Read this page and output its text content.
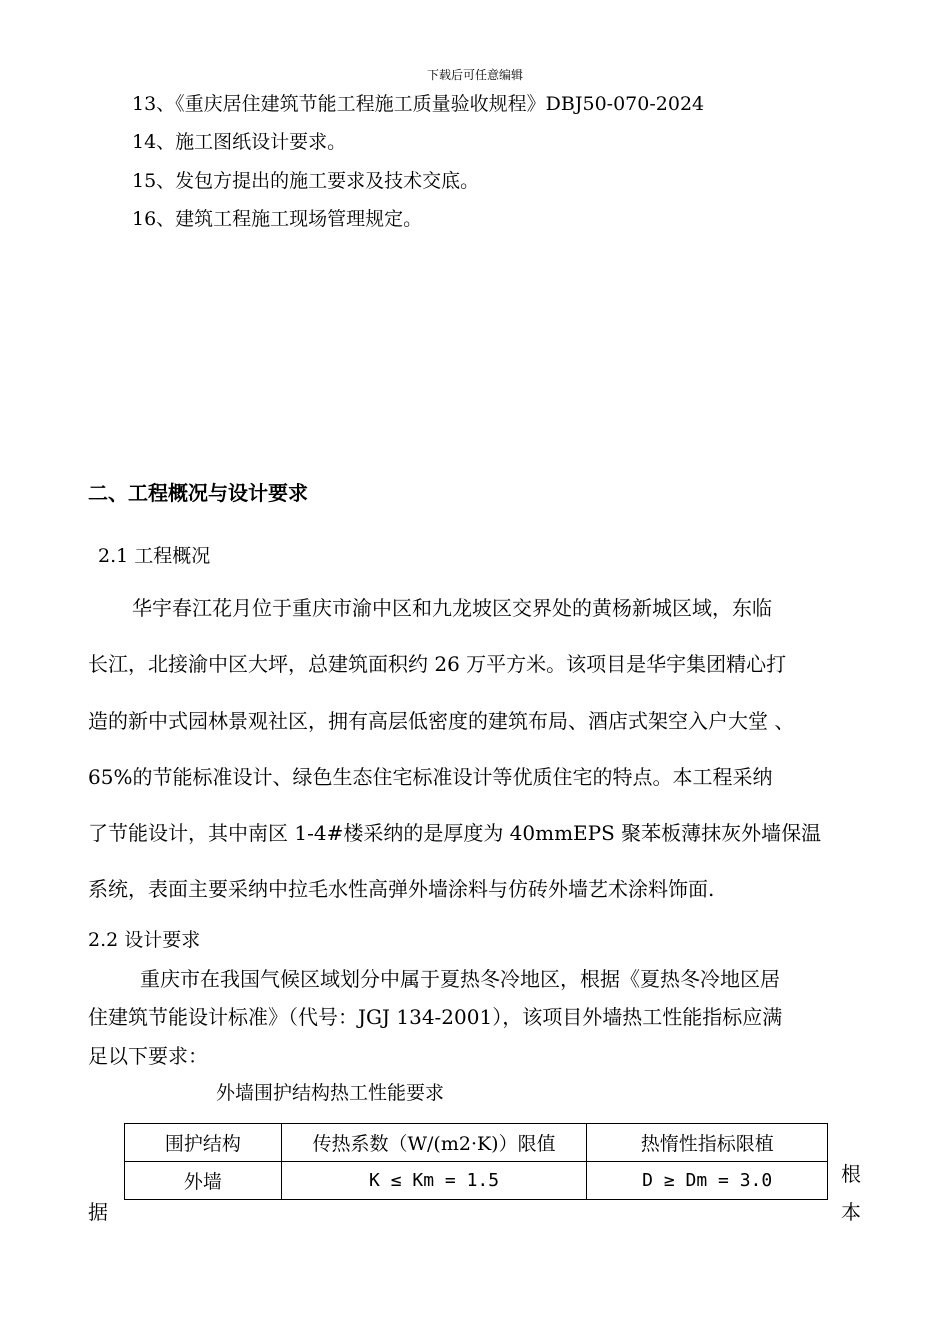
下载后可任意编辑
13、《重庆居住建筑节能工程施工质量验收规程》DBJ50-070-2024
14、施工图纸设计要求。
15、发包方提出的施工要求及技术交底。
16、建筑工程施工现场管理规定。
二、工程概况与设计要求
2.1 工程概况
华宇春江花月位于重庆市渝中区和九龙坡区交界处的黄杨新城区域，东临
长江，北接渝中区大坪，总建筑面积约 26 万平方米。该项目是华宇集团精心打
造的新中式园林景观社区，拥有高层低密度的建筑布局、酒店式架空入户大堂 、
65%的节能标准设计、绿色生态住宅标准设计等优质住宅的特点。本工程采纳
了节能设计，其中南区 1-4#楼采纳的是厚度为 40mmEPS 聚苯板薄抹灰外墙保温
系统，表面主要采纳中拉毛水性高弹外墙涂料与仿砖外墙艺术涂料饰面.
2.2 设计要求
重庆市在我国气候区域划分中属于夏热冬冷地区，根据《夏热冬冷地区居
住建筑节能设计标准》（代号：JGJ 134-2001），该项目外墙热工性能指标应满
足以下要求：
外墙围护结构热工性能要求
围护结构	传热系数（W/(m2·K)）限值	热惰性指标限植
外墙	K ≤ Km = 1.5	D ≥ Dm = 3.0
据
根
本
